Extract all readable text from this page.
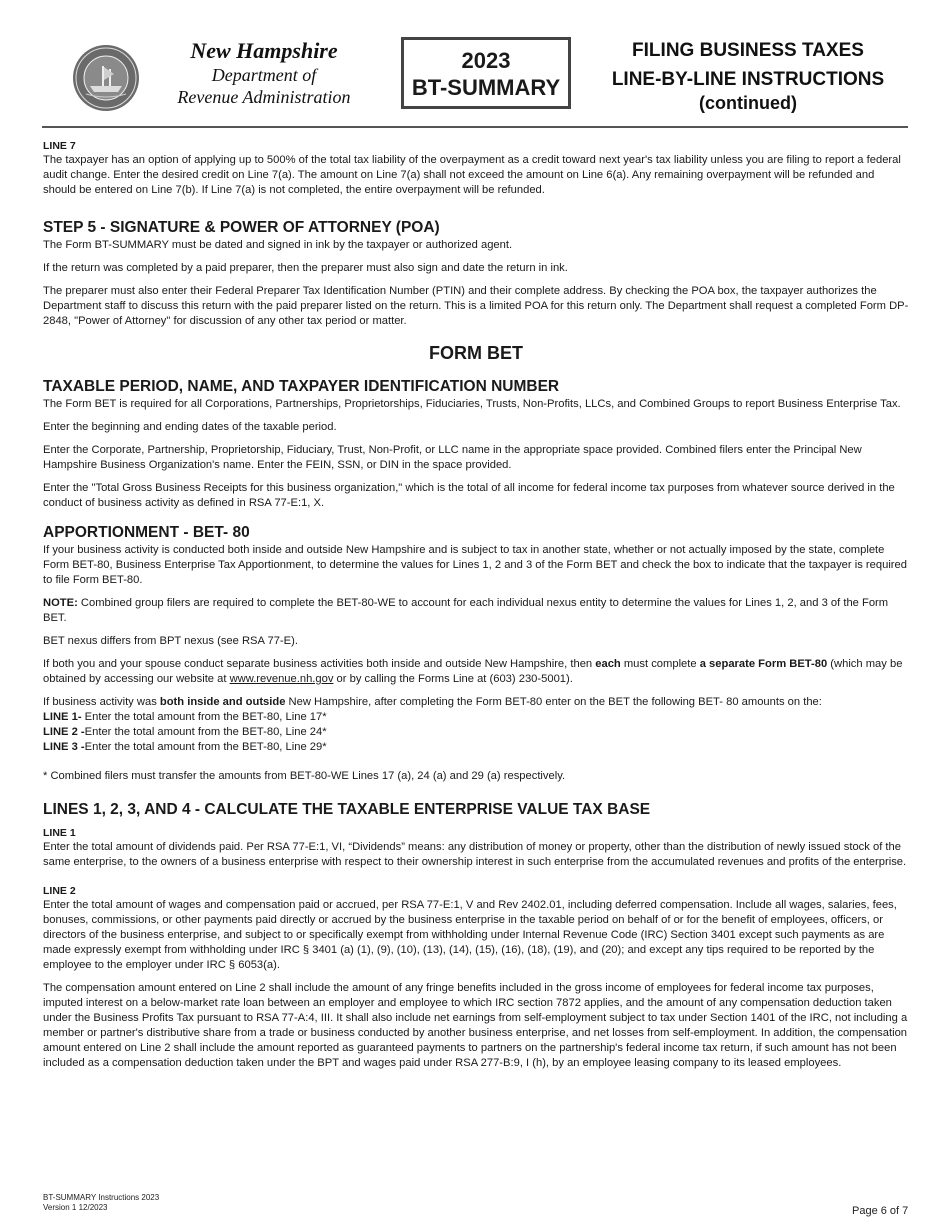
New Hampshire
Department of
Revenue Administration
2023
BT-SUMMARY
FILING BUSINESS TAXES
LINE-BY-LINE INSTRUCTIONS
(continued)
LINE 7

The taxpayer has an option of applying up to 500% of the total tax liability of the overpayment as a credit toward next year's tax liability unless you are filing to report a federal audit change. Enter the desired credit on Line 7(a). The amount on Line 7(a) shall not exceed the amount on Line 6(a). Any remaining overpayment will be refunded and should be entered on Line 7(b). If Line 7(a) is not completed, the entire overpayment will be refunded.

STEP 5 - SIGNATURE & POWER OF ATTORNEY (POA)

The Form BT-SUMMARY must be dated and signed in ink by the taxpayer or authorized agent.

If the return was completed by a paid preparer, then the preparer must also sign and date the return in ink.

The preparer must also enter their Federal Preparer Tax Identification Number (PTIN) and their complete address. By checking the POA box, the taxpayer authorizes the Department staff to discuss this return with the paid preparer listed on the return. This is a limited POA for this return only. The Department shall request a completed Form DP-2848, "Power of Attorney" for discussion of any other tax period or matter.

FORM BET
TAXABLE PERIOD, NAME, AND TAXPAYER IDENTIFICATION NUMBER

The Form BET is required for all Corporations, Partnerships, Proprietorships, Fiduciaries, Trusts, Non-Profits, LLCs, and Combined Groups to report Business Enterprise Tax.

Enter the beginning and ending dates of the taxable period.

Enter the Corporate, Partnership, Proprietorship, Fiduciary, Trust, Non-Profit, or LLC name in the appropriate space provided. Combined filers enter the Principal New Hampshire Business Organization's name. Enter the FEIN, SSN, or DIN in the space provided.

Enter the "Total Gross Business Receipts for this business organization," which is the total of all income for federal income tax purposes from whatever source derived in the conduct of business activity as defined in RSA 77-E:1, X.

APPORTIONMENT - BET- 80

If your business activity is conducted both inside and outside New Hampshire and is subject to tax in another state, whether or not actually imposed by the state, complete Form BET-80, Business Enterprise Tax Apportionment, to determine the values for Lines 1, 2 and 3 of the Form BET and check the box to indicate that the taxpayer is required to file Form BET-80.

NOTE: Combined group filers are required to complete the BET-80-WE to account for each individual nexus entity to determine the values for Lines 1, 2, and 3 of the Form BET.

BET nexus differs from BPT nexus (see RSA 77-E).

If both you and your spouse conduct separate business activities both inside and outside New Hampshire, then each must complete a separate Form BET-80 (which may be obtained by accessing our website at www.revenue.nh.gov or by calling the Forms Line at (603) 230-5001).

If business activity was both inside and outside New Hampshire, after completing the Form BET-80 enter on the BET the following BET- 80 amounts on the:

LINE 1- Enter the total amount from the BET-80, Line 17*
LINE 2 -Enter the total amount from the BET-80, Line 24*
LINE 3 -Enter the total amount from the BET-80, Line 29*

* Combined filers must transfer the amounts from BET-80-WE Lines 17 (a), 24 (a) and 29 (a) respectively.

LINES 1, 2, 3, AND 4 - CALCULATE THE TAXABLE ENTERPRISE VALUE TAX BASE
LINE 1

Enter the total amount of dividends paid. Per RSA 77-E:1, VI, “Dividends” means: any distribution of money or property, other than the distribution of newly issued stock of the same enterprise, to the owners of a business enterprise with respect to their ownership interest in such enterprise from the accumulated revenues and profits of the enterprise.

LINE 2

Enter the total amount of wages and compensation paid or accrued, per RSA 77-E:1, V and Rev 2402.01, including deferred compensation. Include all wages, salaries, fees, bonuses, commissions, or other payments paid directly or accrued by the business enterprise in the taxable period on behalf of or for the benefit of employees, officers, or directors of the business enterprise, and subject to or specifically exempt from withholding under Internal Revenue Code (IRC) Section 3401 except such payments as are made expressly exempt from withholding under IRC § 3401 (a) (1), (9), (10), (13), (14), (15), (16), (18), (19), and (20); and except any tips required to be reported by the employee to the employer under IRC § 6053(a).

The compensation amount entered on Line 2 shall include the amount of any fringe benefits included in the gross income of employees for federal income tax purposes, imputed interest on a below-market rate loan between an employer and employee to which IRC section 7872 applies, and the amount of any compensation deduction taken under the Business Profits Tax pursuant to RSA 77-A:4, III. It shall also include net earnings from self-employment subject to tax under Section 1401 of the IRC, not including a member or partner's distributive share from a trade or business conducted by another business enterprise, and net losses from self-employment. In addition, the compensation amount entered on Line 2 shall include the amount reported as guaranteed payments to partners on the partnership's federal income tax return, if such amount has not been included as a compensation deduction taken under the BPT and wages paid under RSA 277-B:9, I (h), by an employee leasing company to its leased employees.

BT-SUMMARY Instructions 2023
Version 1 12/2023	Page 6 of 7
